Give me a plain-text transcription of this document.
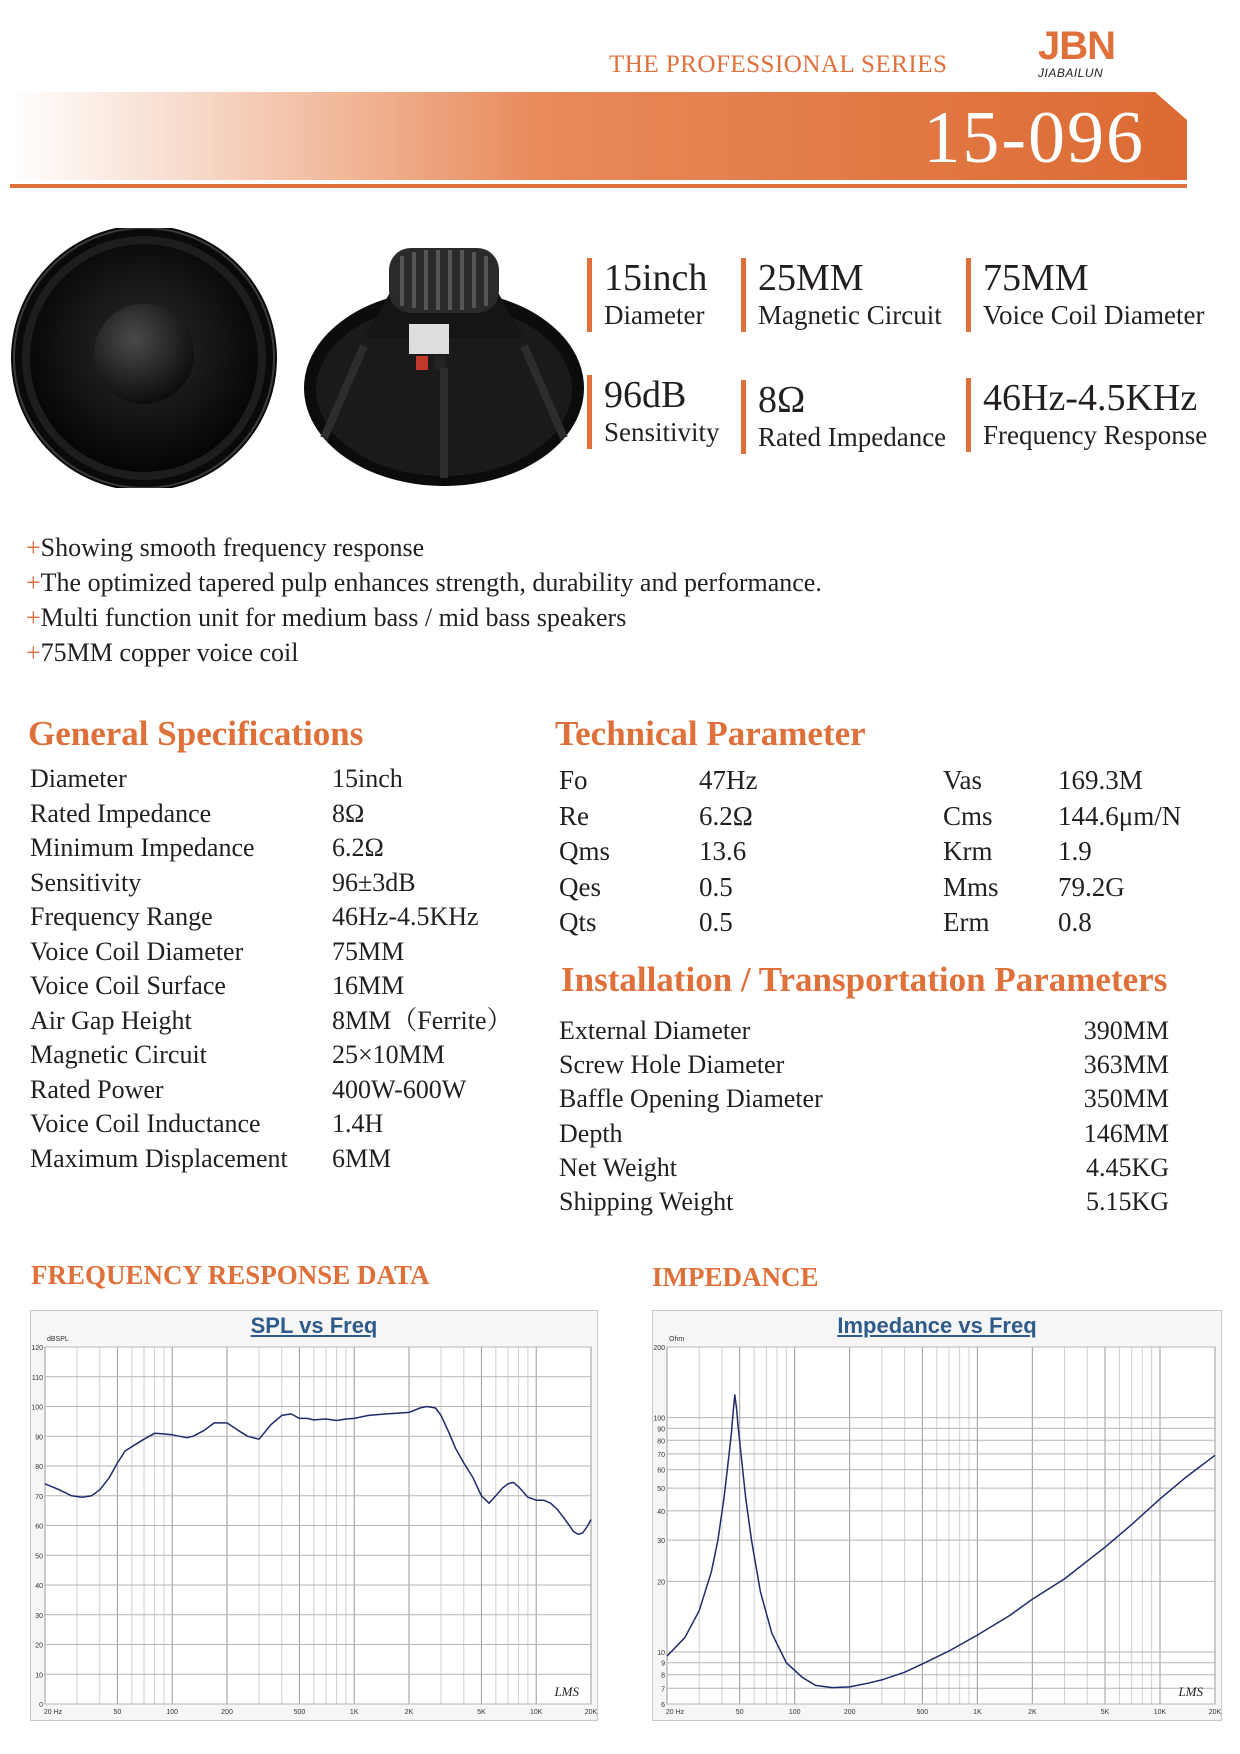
THE PROFESSIONAL SERIES JBN
JIABAILUN
15-096
15inch
Diameter
25MM
Magnetic Circuit
75MM
Voice Coil Diameter
96dB
Sensitivity
8Ω
Rated Impedance
46Hz-4.5KHz
Frequency Response
+Showing smooth frequency response
+The optimized tapered pulp enhances strength, durability and performance.
+Multi function unit for medium bass / mid bass speakers
+75MM copper voice coil
General Specifications
Diameter	15inch
Rated Impedance	8Ω
Minimum Impedance	6.2Ω
Sensitivity	96±3dB
Frequency Range	46Hz-4.5KHz
Voice Coil Diameter	75MM
Voice Coil Surface	16MM
Air Gap Height	8MM（Ferrite）
Magnetic Circuit	25×10MM
Rated Power	400W-600W
Voice Coil Inductance	1.4H
Maximum Displacement	6MM
Technical Parameter
Fo	47Hz	Vas	169.3M
Re	6.2Ω	Cms	144.6μm/N
Qms	13.6	Krm	1.9
Qes	0.5	Mms	79.2G
Qts	0.5	Erm	0.8
Installation / Transportation Parameters
External Diameter	390MM
Screw Hole Diameter	363MM
Baffle Opening Diameter	350MM
Depth	146MM
Net Weight	4.45KG
Shipping Weight	5.15KG
FREQUENCY RESPONSE DATA	IMPEDANCE
0
10
20
30
40
50
60
70
80
90
100
110
120
20 Hz	50	100	200	500	1K	2K	5K	10K	20K
dBSPL
LMS
SPL vs Freq
6
7
8
9
10
20
30
40
50
60
70
80
90
100
200
20 Hz	50	100	200	500	1K	2K	5K	10K	20K
Ohm
LMS
Impedance vs Freq
